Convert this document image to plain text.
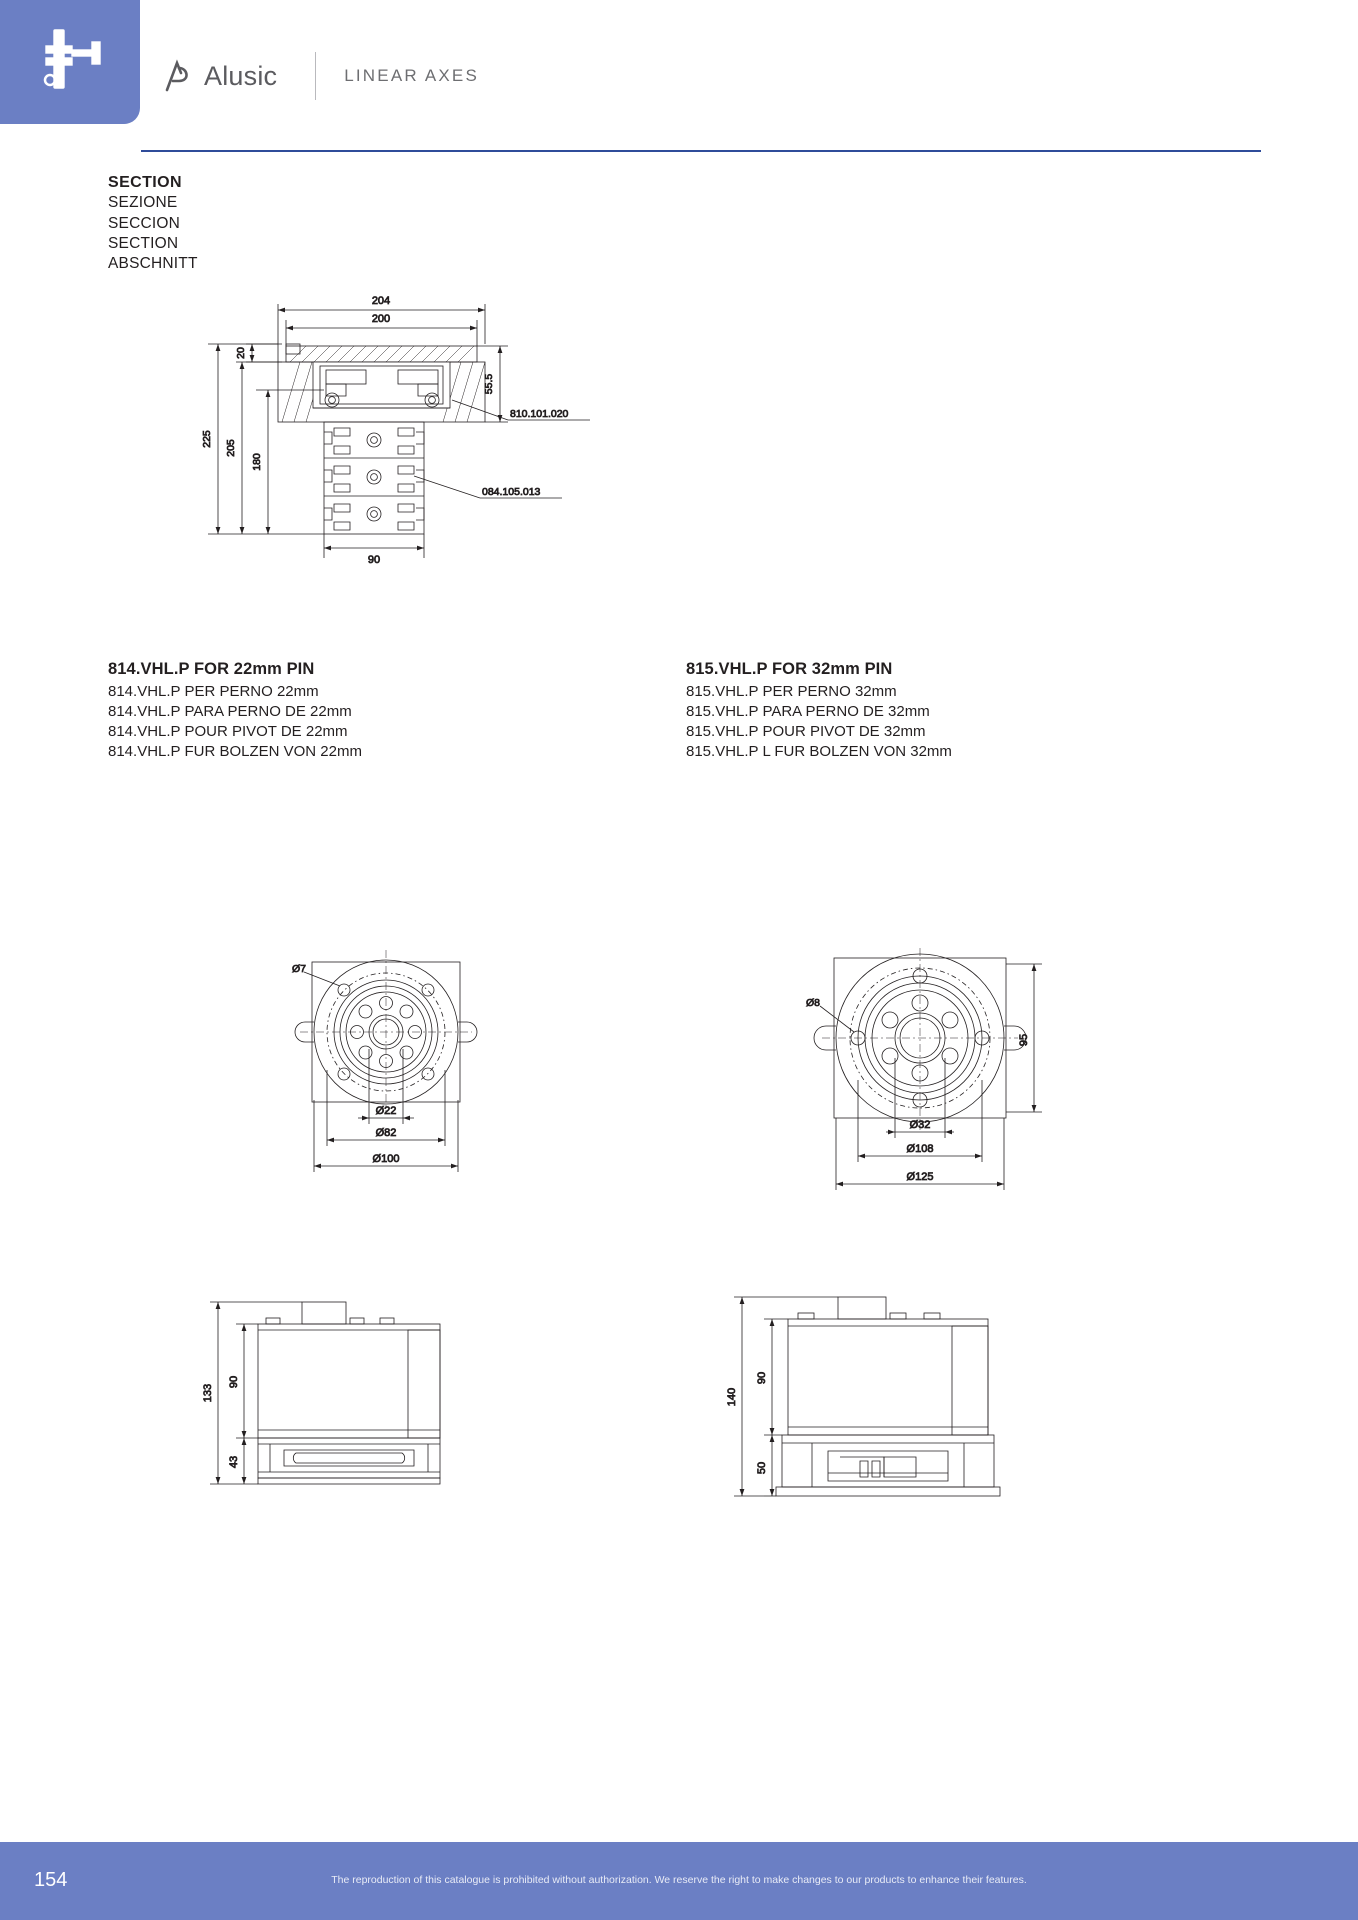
Alusic	LINEAR AXES
SECTION
SEZIONE
SECCION
SECTION
ABSCHNITT
204
200
20
55.5
225
205
180
90
810.101.020
084.105.013
814.VHL.P FOR 22mm PIN
814.VHL.P PER PERNO 22mm
814.VHL.P PARA PERNO DE 22mm
814.VHL.P POUR PIVOT DE 22mm
814.VHL.P FUR BOLZEN VON 22mm
815.VHL.P FOR 32mm PIN
815.VHL.P PER PERNO 32mm
815.VHL.P PARA PERNO DE 32mm
815.VHL.P POUR PIVOT DE 32mm
815.VHL.P L FUR BOLZEN VON 32mm
Ø7
Ø22
Ø82
Ø100
Ø8
95
Ø32
Ø108
Ø125
90
43
133
90
50
140
154	The reproduction of this catalogue is prohibited without authorization. We reserve the right to make changes to our products to enhance their features.
